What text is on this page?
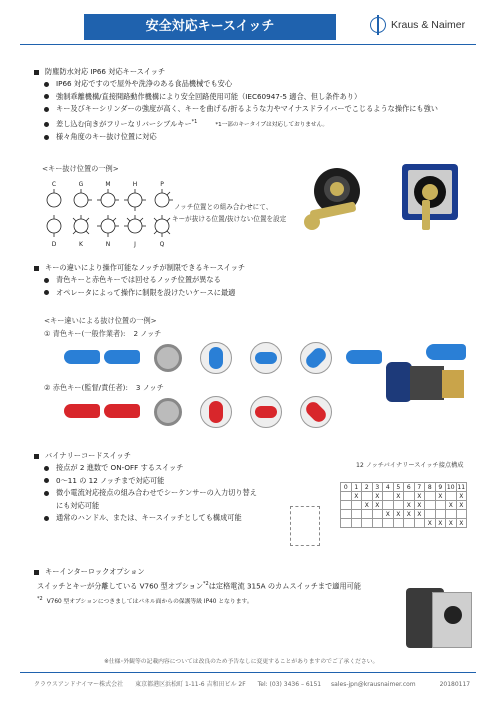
安全対応キースイッチ	Kraus & Naimer
防塵防水対応 IP66 対応キースイッチ
IP66 対応ですので屋外や洗浄のある食品機械でも安心
強制乖離機構/直接開路動作機構により安全回路使用可能（IEC60947-5 適合、但し条件あり）
キー及びキーシリンダーの強度が高く、キーを曲げる/折るような力やマイナスドライバーでこじるような操作にも強い
差し込む向きがフリーなリバーシブルキー$^{*1}$*1一部のキータイプは対応しておりません。
様々角度のキー抜け位置に対応
<キー抜け位置の一例>
C	G	M	H	P
D	K	N	J	Q
ノッチ位置との組み合わせにて、
キーが抜ける位置/抜けない位置を設定
キーの違いにより操作可能なノッチが制限できるキースイッチ
青色キーと赤色キーでは回せるノッチ位置が異なる
オペレータによって操作に制限を設けたいケースに最適
<キー違いによる抜け位置の一例>
① 青色キー(一般作業者): 2 ノッチ
② 赤色キー(監督/責任者): 3 ノッチ
バイナリーコードスイッチ
接点が 2 進数で ON-OFF するスイッチ
0～11 の 12 ノッチまで対応可能
微小電流対応接点の組み合わせでシーケンサーの入力切り替え
にも対応可能
通常のハンドル、または、キースイッチとしても構成可能
12 ノッチバイナリースイッチ接点構成
0	1	2	3	4	5	6	7	8	9	10	11
	X		X		X		X		X		X
		X	X			X	X			X	X
				X	X	X	X				
								X	X	X	X
キーインターロックオプション
スイッチとキーが分離している V760 型オプション$^{*2}$は定格電流 315A のカムスイッチまで適用可能
*2 V760 型オプションにつきましてはパネル面からの保護等級 IP40 となります。
※仕様･外観等の記載内容については改良のため予告なしに変更することがありますのでご了承ください。
クラウスアンドナイマー株式会社 東京都港区浜松町 1-11-6 吉和田ビル 2F Tel: (03) 3436 – 6151 sales-jpn@krausnaimer.com	20180117
